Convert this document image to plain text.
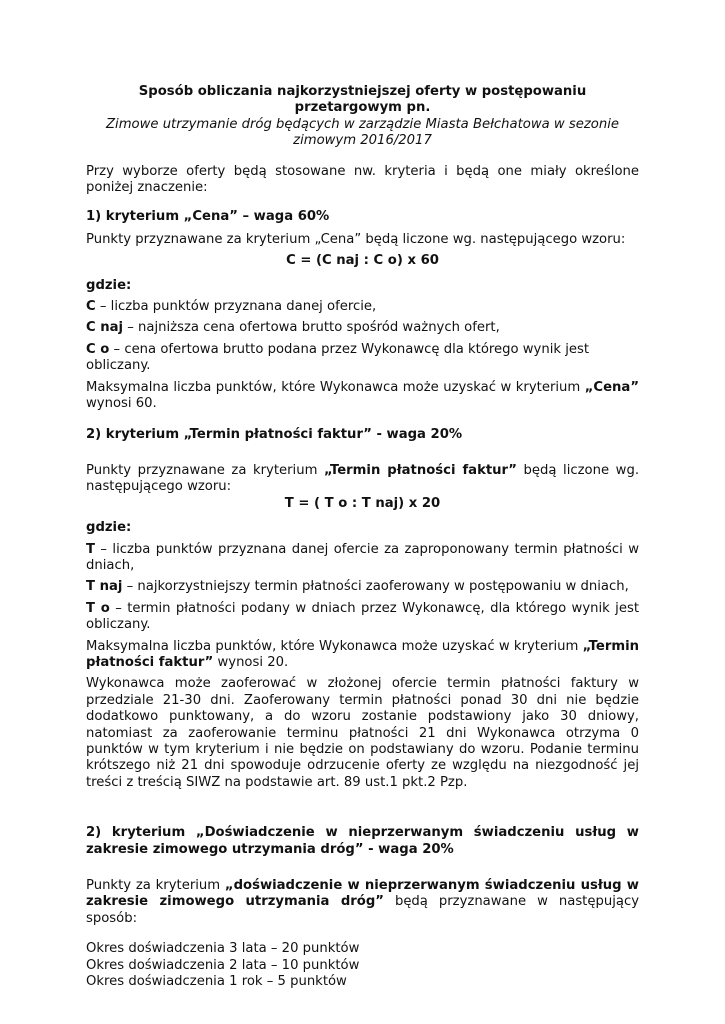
Sposób obliczania najkorzystniejszej oferty w postępowaniu przetargowym pn.

Zimowe utrzymanie dróg będących w zarządzie Miasta Bełchatowa w sezonie zimowym 2016/2017

Przy wyborze oferty będą stosowane nw. kryteria i będą one miały określone poniżej znaczenie:

1) kryterium „Cena” – waga 60%

Punkty przyznawane za kryterium „Cena” będą liczone wg. następującego wzoru:

C = (C naj : C o) x 60

gdzie:

C – liczba punktów przyznana danej ofercie,

C naj – najniższa cena ofertowa brutto spośród ważnych ofert,

C o – cena ofertowa brutto podana przez Wykonawcę dla którego wynik jest obliczany.

Maksymalna liczba punktów, które Wykonawca może uzyskać w kryterium „Cena” wynosi 60.

2) kryterium „Termin płatności faktur” - waga 20%

Punkty przyznawane za kryterium „Termin płatności faktur” będą liczone wg. następującego wzoru:

T = ( T o : T naj) x 20

gdzie:

T – liczba punktów przyznana danej ofercie za zaproponowany termin płatności w dniach,

T naj – najkorzystniejszy termin płatności zaoferowany w postępowaniu w dniach,

T o – termin płatności podany w dniach przez Wykonawcę, dla którego wynik jest obliczany.

Maksymalna liczba punktów, które Wykonawca może uzyskać w kryterium „Termin płatności faktur” wynosi 20.

Wykonawca może zaoferować w złożonej ofercie termin płatności faktury w przedziale 21-30 dni. Zaoferowany termin płatności ponad 30 dni nie będzie dodatkowo punktowany, a do wzoru zostanie podstawiony jako 30 dniowy, natomiast za zaoferowanie terminu płatności 21 dni Wykonawca otrzyma 0 punktów w tym kryterium i nie będzie on podstawiany do wzoru. Podanie terminu krótszego niż 21 dni spowoduje odrzucenie oferty ze względu na niezgodność jej treści z treścią SIWZ na podstawie art. 89 ust.1 pkt.2 Pzp.

2) kryterium „Doświadczenie w nieprzerwanym świadczeniu usług w zakresie zimowego utrzymania dróg” - waga 20%

Punkty za kryterium „doświadczenie w nieprzerwanym świadczeniu usług w zakresie zimowego utrzymania dróg” będą przyznawane w następujący sposób:

Okres doświadczenia 3 lata – 20 punktów

Okres doświadczenia 2 lata – 10 punktów

Okres doświadczenia 1 rok – 5 punktów
